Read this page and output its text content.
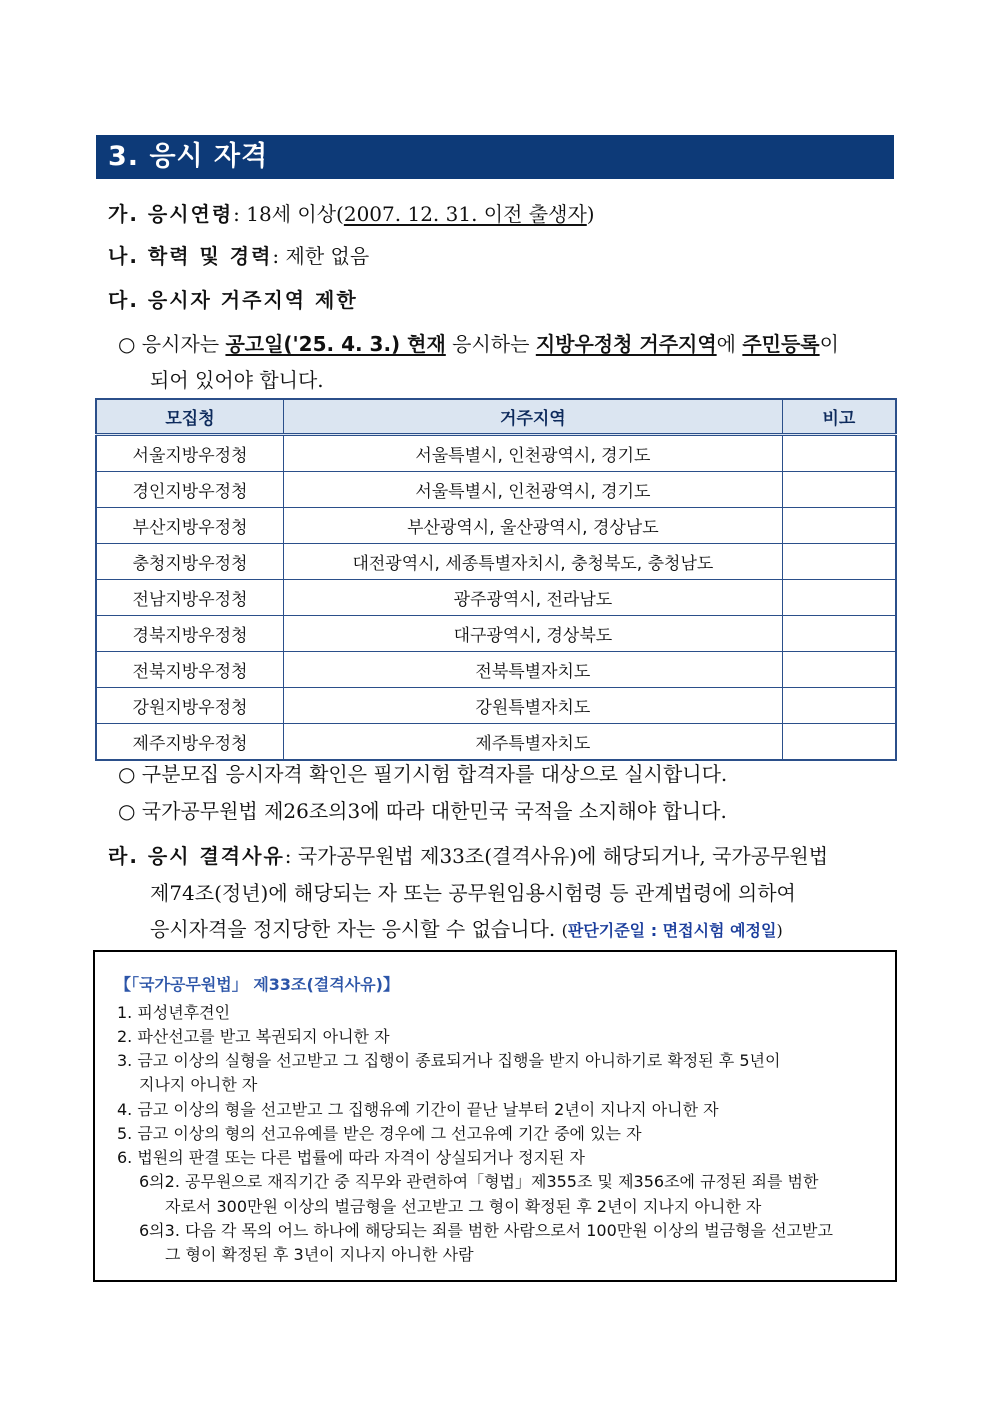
3. 응시 자격
가. 응시연령: 18세 이상(2007. 12. 31. 이전 출생자)
나. 학력 및 경력: 제한 없음
다. 응시자 거주지역 제한
○ 응시자는 공고일('25. 4. 3.) 현재 응시하는 지방우정청 거주지역에 주민등록이
되어 있어야 합니다.
모집청	거주지역	비고
서울지방우정청	서울특별시, 인천광역시, 경기도	
경인지방우정청	서울특별시, 인천광역시, 경기도	
부산지방우정청	부산광역시, 울산광역시, 경상남도	
충청지방우정청	대전광역시, 세종특별자치시, 충청북도, 충청남도	
전남지방우정청	광주광역시, 전라남도	
경북지방우정청	대구광역시, 경상북도	
전북지방우정청	전북특별자치도	
강원지방우정청	강원특별자치도	
제주지방우정청	제주특별자치도	
○ 구분모집 응시자격 확인은 필기시험 합격자를 대상으로 실시합니다.
○ 국가공무원법 제26조의3에 따라 대한민국 국적을 소지해야 합니다.
라. 응시 결격사유: 국가공무원법 제33조(결격사유)에 해당되거나, 국가공무원법
제74조(정년)에 해당되는 자 또는 공무원임용시험령 등 관계법령에 의하여
응시자격을 정지당한 자는 응시할 수 없습니다. (판단기준일 : 면접시험 예정일)
【「국가공무원법」 제33조(결격사유)】
1. 피성년후견인
2. 파산선고를 받고 복권되지 아니한 자
3. 금고 이상의 실형을 선고받고 그 집행이 종료되거나 집행을 받지 아니하기로 확정된 후 5년이
지나지 아니한 자
4. 금고 이상의 형을 선고받고 그 집행유예 기간이 끝난 날부터 2년이 지나지 아니한 자
5. 금고 이상의 형의 선고유예를 받은 경우에 그 선고유예 기간 중에 있는 자
6. 법원의 판결 또는 다른 법률에 따라 자격이 상실되거나 정지된 자
6의2. 공무원으로 재직기간 중 직무와 관련하여「형법」제355조 및 제356조에 규정된 죄를 범한
자로서 300만원 이상의 벌금형을 선고받고 그 형이 확정된 후 2년이 지나지 아니한 자
6의3. 다음 각 목의 어느 하나에 해당되는 죄를 범한 사람으로서 100만원 이상의 벌금형을 선고받고
그 형이 확정된 후 3년이 지나지 아니한 사람
